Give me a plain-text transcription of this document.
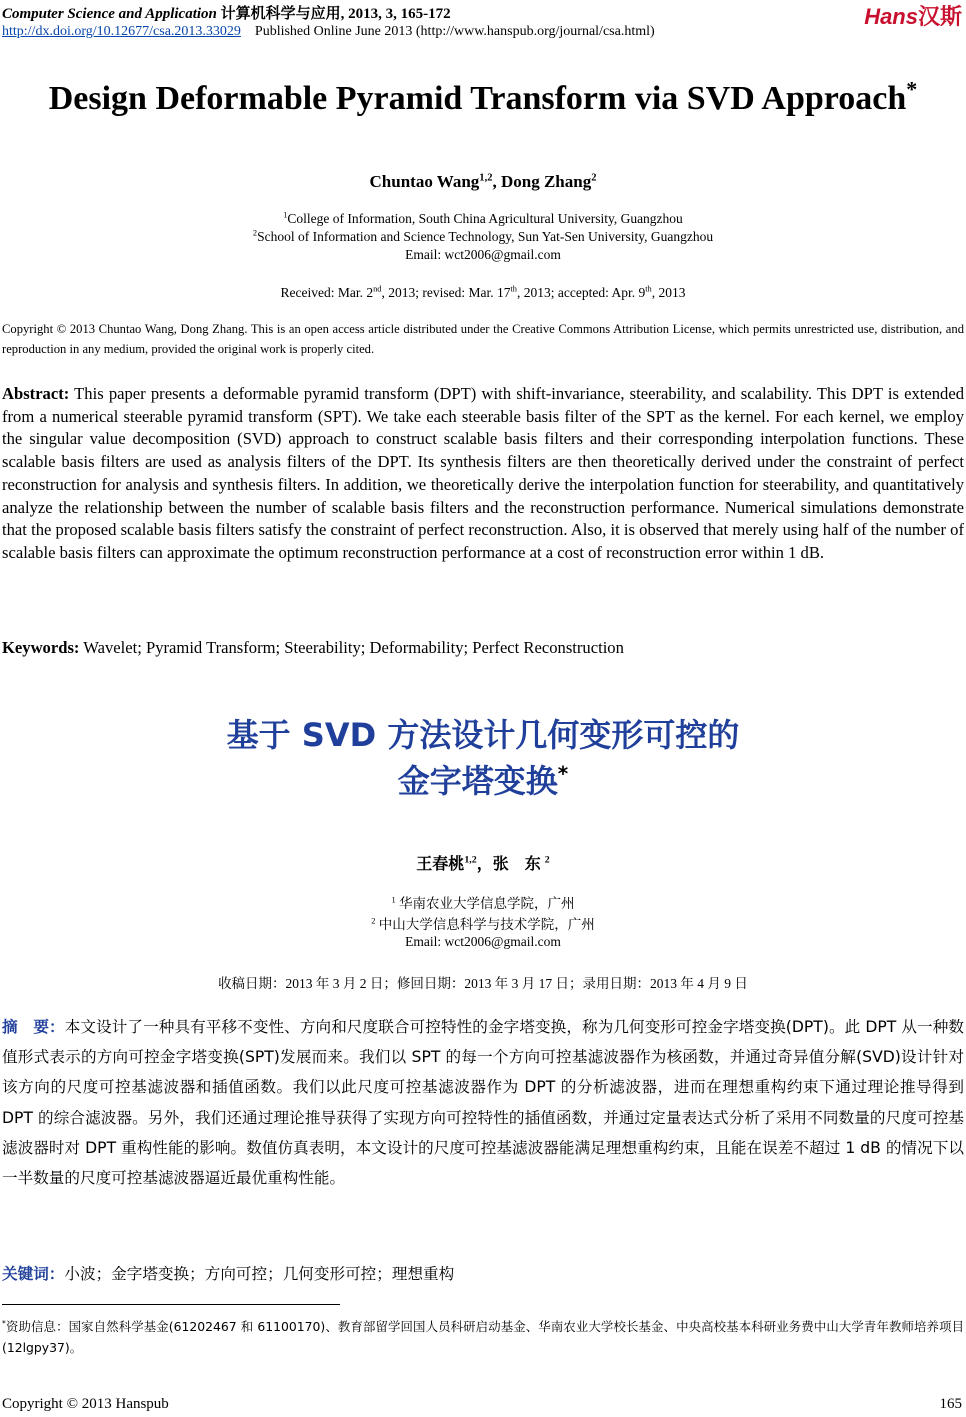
Computer Science and Application 计算机科学与应用, 2013, 3, 165-172
http://dx.doi.org/10.12677/csa.2013.33029 Published Online June 2013 (http://www.hanspub.org/journal/csa.html)
Hans汉斯
Design Deformable Pyramid Transform via SVD Approach*
Chuntao Wang$^{1,2}$, Dong Zhang$^2$
$^1$College of Information, South China Agricultural University, Guangzhou
$^2$School of Information and Science Technology, Sun Yat-Sen University, Guangzhou
Email: wct2006@gmail.com
Received: Mar. 2nd, 2013; revised: Mar. 17th, 2013; accepted: Apr. 9th, 2013
Copyright © 2013 Chuntao Wang, Dong Zhang. This is an open access article distributed under the Creative Commons Attribution License, which permits unrestricted use, distribution, and reproduction in any medium, provided the original work is properly cited.
Abstract: This paper presents a deformable pyramid transform (DPT) with shift-invariance, steerability, and scalability. This DPT is extended from a numerical steerable pyramid transform (SPT). We take each steerable basis filter of the SPT as the kernel. For each kernel, we employ the singular value decomposition (SVD) approach to construct scalable basis filters and their corresponding interpolation functions. These scalable basis filters are used as analysis filters of the DPT. Its synthesis filters are then theoretically derived under the constraint of perfect reconstruction for analysis and synthesis filters. In addition, we theoretically derive the interpolation function for steerability, and quantitatively analyze the relationship between the number of scalable basis filters and the reconstruction performance. Numerical simulations demonstrate that the proposed scalable basis filters satisfy the constraint of perfect reconstruction. Also, it is observed that merely using half of the number of scalable basis filters can approximate the optimum reconstruction performance at a cost of reconstruction error within 1 dB.
Keywords: Wavelet; Pyramid Transform; Steerability; Deformability; Perfect Reconstruction
基于 SVD 方法设计几何变形可控的
金字塔变换*
王春桃$^{1,2}$，张　东 $^2$
$^1$ 华南农业大学信息学院，广州
$^2$ 中山大学信息科学与技术学院，广州
Email: wct2006@gmail.com
收稿日期：2013 年 3 月 2 日；修回日期：2013 年 3 月 17 日；录用日期：2013 年 4 月 9 日
摘　要：本文设计了一种具有平移不变性、方向和尺度联合可控特性的金字塔变换，称为几何变形可控金字塔变换(DPT)。此 DPT 从一种数值形式表示的方向可控金字塔变换(SPT)发展而来。我们以 SPT 的每一个方向可控基滤波器作为核函数，并通过奇异值分解(SVD)设计针对该方向的尺度可控基滤波器和插值函数。我们以此尺度可控基滤波器作为 DPT 的分析滤波器，进而在理想重构约束下通过理论推导得到 DPT 的综合滤波器。另外，我们还通过理论推导获得了实现方向可控特性的插值函数，并通过定量表达式分析了采用不同数量的尺度可控基滤波器时对 DPT 重构性能的影响。数值仿真表明，本文设计的尺度可控基滤波器能满足理想重构约束，且能在误差不超过 1 dB 的情况下以一半数量的尺度可控基滤波器逼近最优重构性能。
关键词：小波；金字塔变换；方向可控；几何变形可控；理想重构
*资助信息：国家自然科学基金(61202467 和 61100170)、教育部留学回国人员科研启动基金、华南农业大学校长基金、中央高校基本科研业务费中山大学青年教师培养项目(12lgpy37)。
Copyright © 2013 Hanspub	165
